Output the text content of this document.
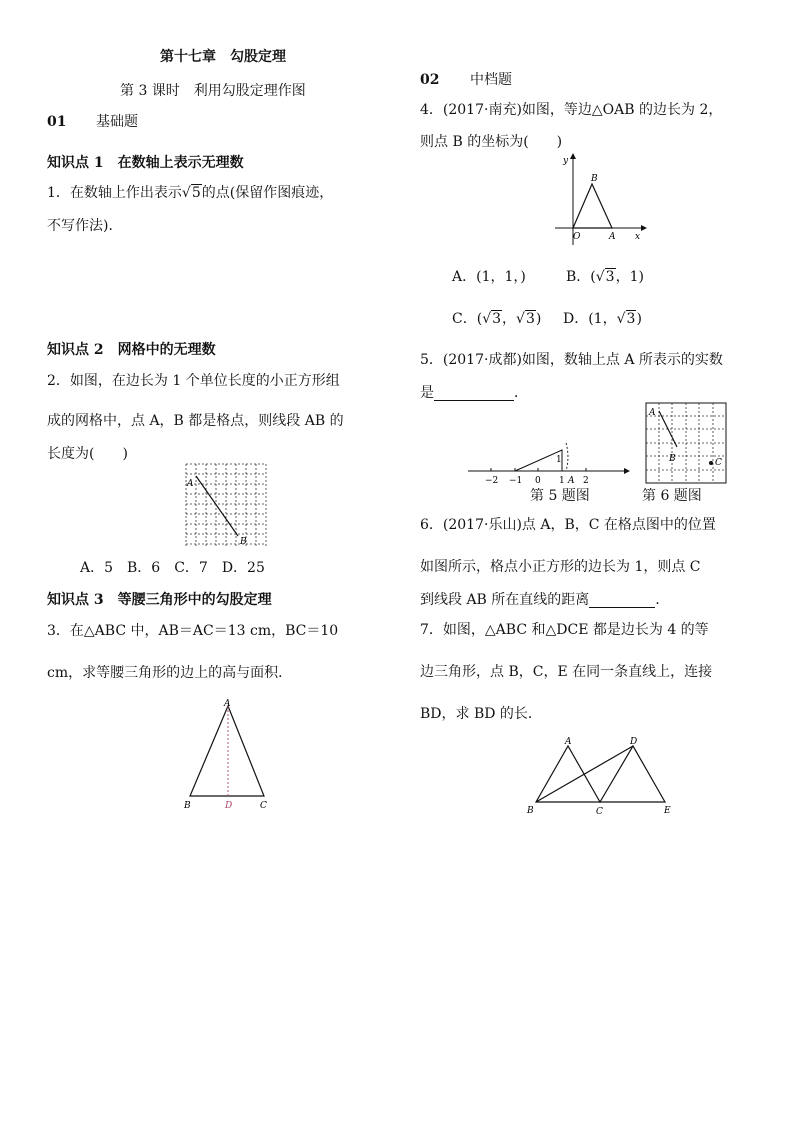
第十七章　勾股定理
第 3 课时　利用勾股定理作图
01 基础题
知识点 1　在数轴上表示无理数
1．在数轴上作出表示 √ 5的点(保留作图痕迹，
不写作法)．
知识点 2　网格中的无理数
2．如图，在边长为 1 个单位长度的小正方形组
成的网格中，点 A，B 都是格点，则线段 AB 的
长度为(　　)
A
B
A．5　B．6　C．7　D．25
知识点 3　等腰三角形中的勾股定理
3．在△ABC 中，AB＝AC＝13 cm，BC＝10
cm，求等腰三角形的边上的高与面积．
A
B	D	C
02 中档题
4．(2017·南充)如图，等边△OAB 的边长为 2，
则点 B 的坐标为(　　)
y
B
O	A x
A．(1，1，)	B．( √ 3，1)
C．( √ 3， √ 3) D．(1， √ 3)
5．(2017·成都)如图，数轴上点 A 所表示的实数
是	．
−2 −1 0 1 2
1
A
A
B	C
第 5 题图	第 6 题图
6．(2017·乐山)点 A，B，C 在格点图中的位置
如图所示，格点小正方形的边长为 1，则点 C
到线段 AB 所在直线的距离	．
7．如图，△ABC 和△DCE 都是边长为 4 的等
边三角形，点 B，C，E 在同一条直线上，连接
BD，求 BD 的长．
A	D
B	C	E
